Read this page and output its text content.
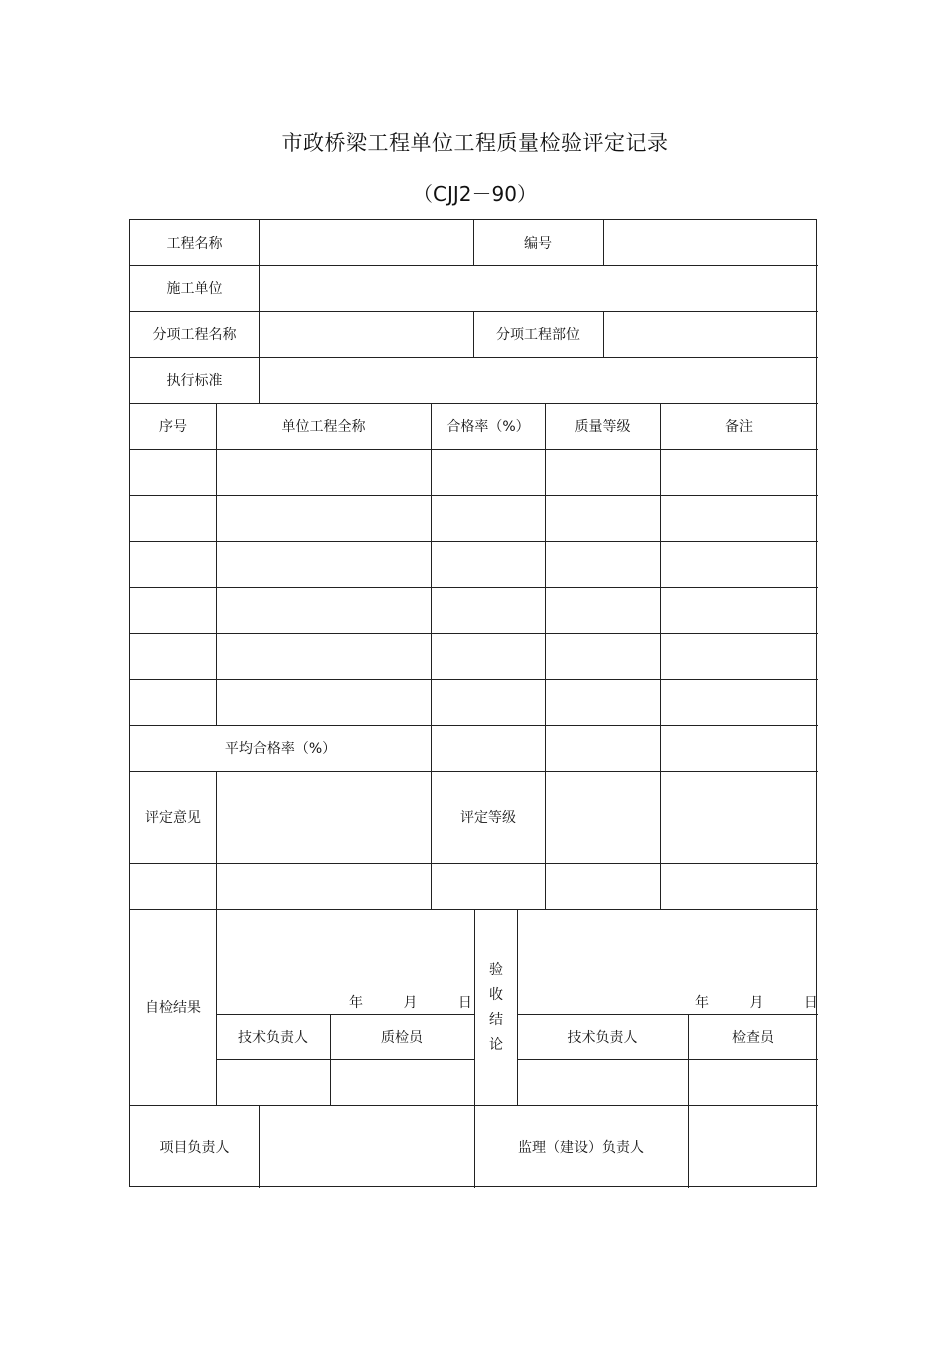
市政桥梁工程单位工程质量检验评定记录
（CJJ2－90）
工程名称	编号
施工单位
分项工程名称	分项工程部位
执行标准
序号	单位工程全称	合格率（%）	质量等级	备注
平均合格率（%）
评定意见	评定等级
自检结果	年	月	日
技术负责人	质检员
验
收
结
论
年	月	日
技术负责人	检查员
项目负责人	监理（建设）负责人
